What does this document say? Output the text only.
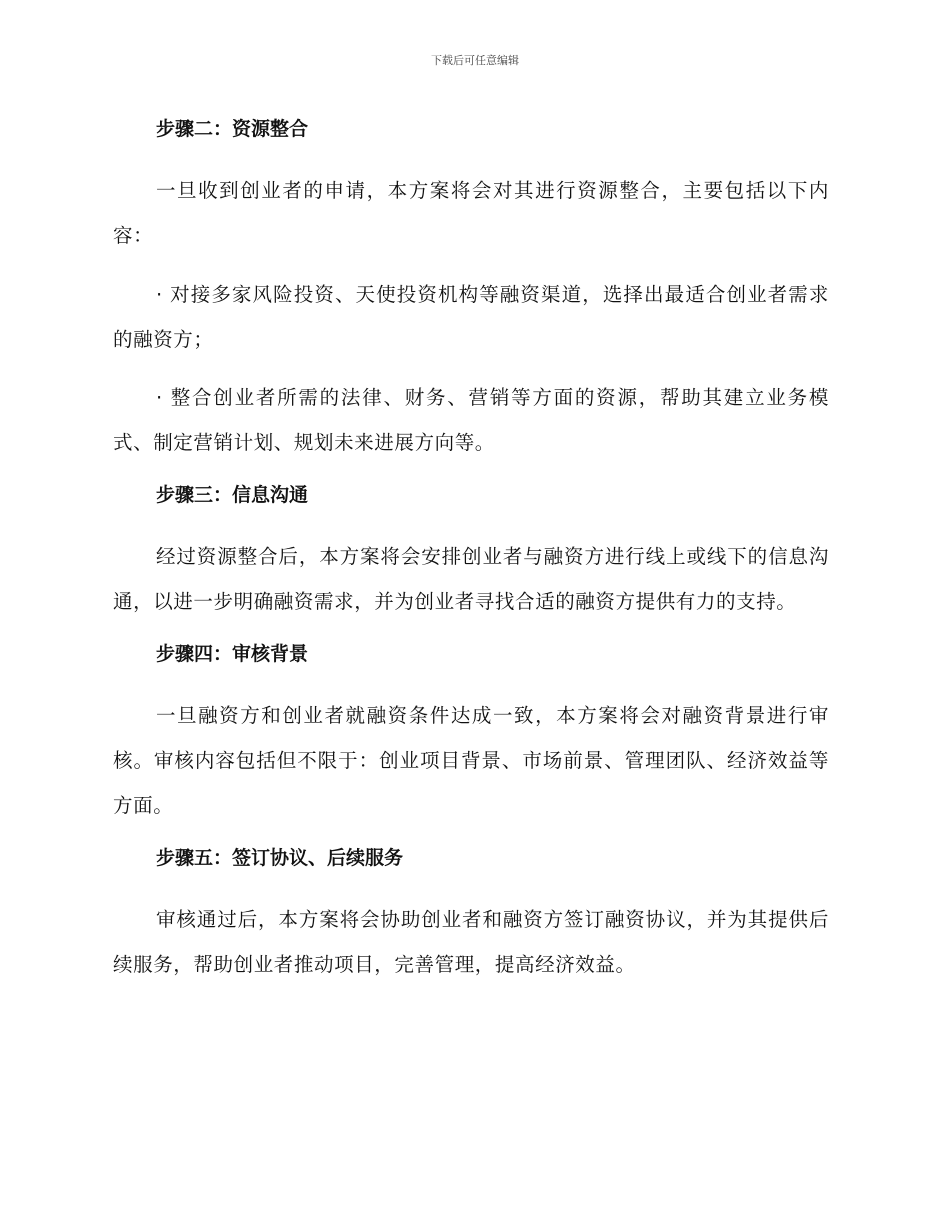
下载后可任意编辑
步骤二：资源整合

一旦收到创业者的申请，本方案将会对其进行资源整合，主要包括以下内容：

· 对接多家风险投资、天使投资机构等融资渠道，选择出最适合创业者需求的融资方；

· 整合创业者所需的法律、财务、营销等方面的资源，帮助其建立业务模式、制定营销计划、规划未来进展方向等。

步骤三：信息沟通

经过资源整合后，本方案将会安排创业者与融资方进行线上或线下的信息沟通，以进一步明确融资需求，并为创业者寻找合适的融资方提供有力的支持。

步骤四：审核背景

一旦融资方和创业者就融资条件达成一致，本方案将会对融资背景进行审核。审核内容包括但不限于：创业项目背景、市场前景、管理团队、经济效益等方面。

步骤五：签订协议、后续服务

审核通过后，本方案将会协助创业者和融资方签订融资协议，并为其提供后续服务，帮助创业者推动项目，完善管理，提高经济效益。
